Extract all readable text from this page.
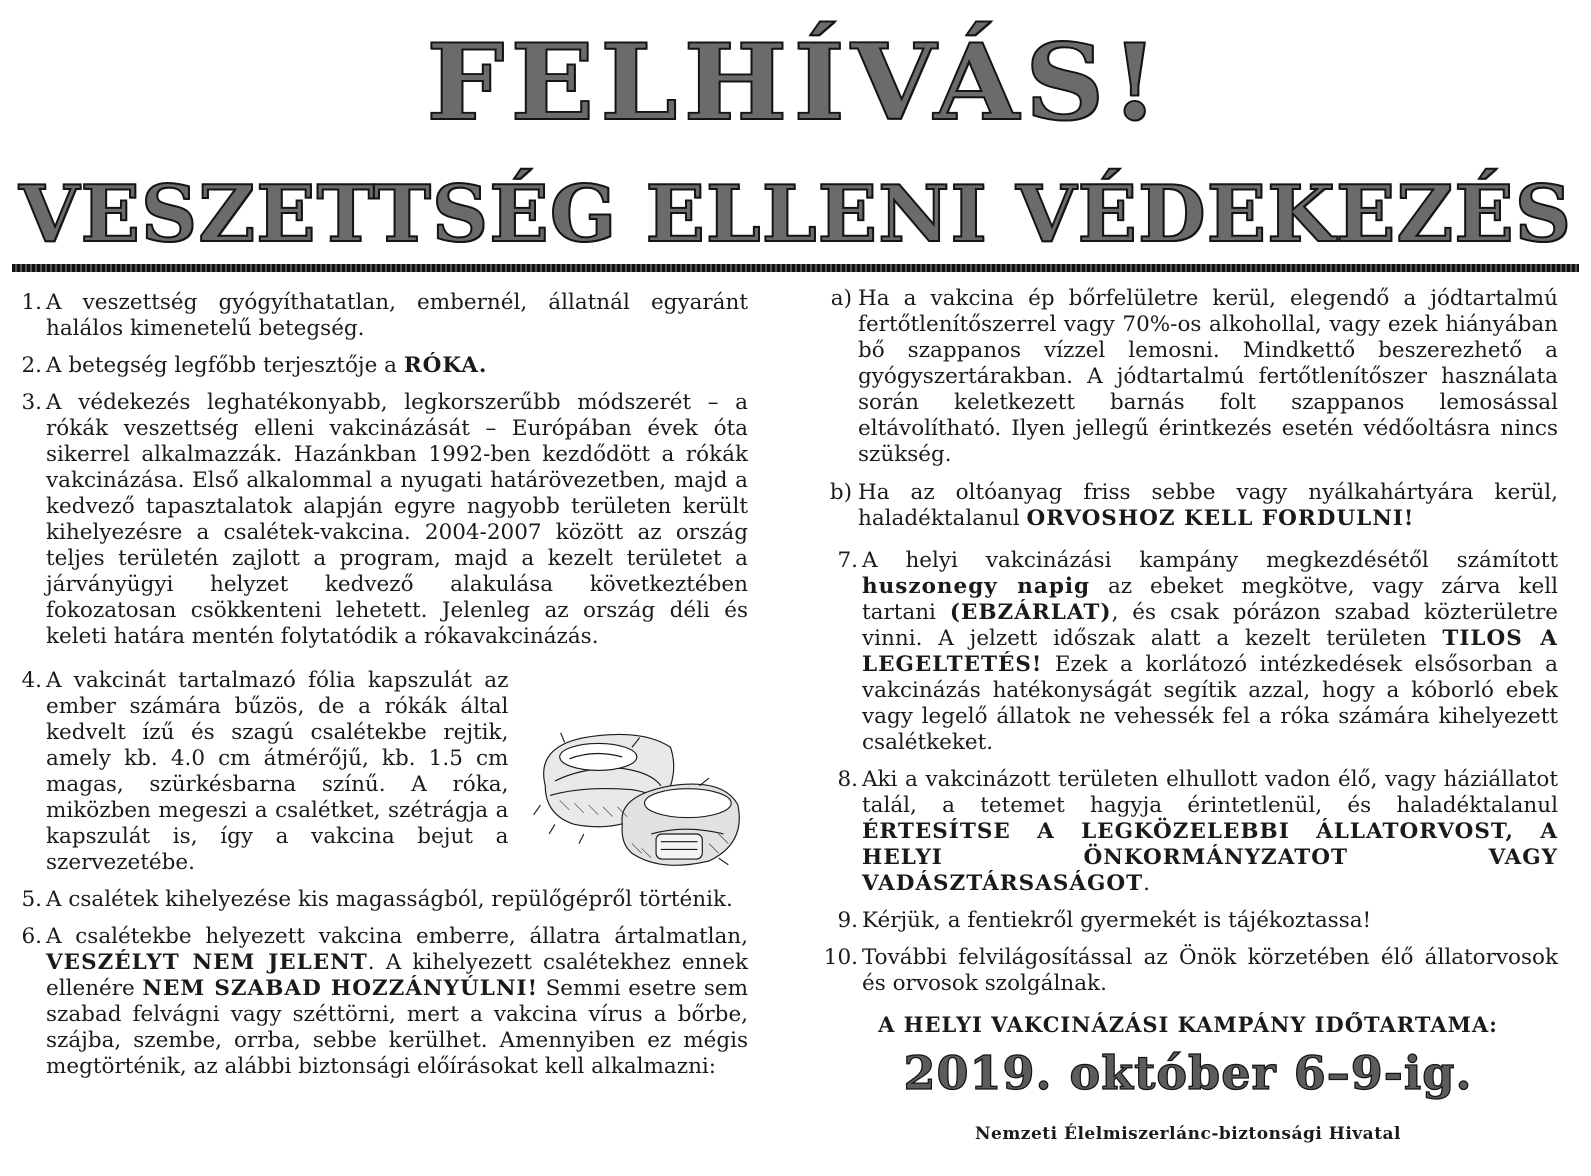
FELHÍVÁS!
VESZETTSÉG ELLENI VÉDEKEZÉS

1. A veszettség gyógyíthatatlan, embernél, állatnál egyaránt halálos kimenetelű betegség.

2. A betegség legfőbb terjesztője a RÓKA.

3. A védekezés leghatékonyabb, legkorszerűbb módszerét – a rókák veszettség elleni vakcinázását – Európában évek óta sikerrel alkalmazzák. Hazánkban 1992-ben kezdődött a rókák vakcinázása. Első alkalommal a nyugati határövezetben, majd a kedvező tapasztalatok alapján egyre nagyobb területen került kihelyezésre a csalétek-vakcina. 2004-2007 között az ország teljes területén zajlott a program, majd a kezelt területet a járványügyi helyzet kedvező alakulása következtében fokozatosan csökkenteni lehetett. Jelenleg az ország déli és keleti határa mentén folytatódik a rókavakcinázás.

4. A vakcinát tartalmazó fólia kapszulát az ember számára bűzös, de a rókák által kedvelt ízű és szagú csalétekbe rejtik, amely kb. 4.0 cm átmérőjű, kb. 1.5 cm magas, szürkésbarna színű. A róka, miközben megeszi a csalétket, szétrágja a kapszulát is, így a vakcina bejut a szervezetébe.

5. A csalétek kihelyezése kis magasságból, repülőgépről történik.

6. A csalétekbe helyezett vakcina emberre, állatra ártalmatlan, VESZÉLYT NEM JELENT. A kihelyezett csalétekhez ennek ellenére NEM SZABAD HOZZÁNYÚLNI! Semmi esetre sem szabad felvágni vagy széttörni, mert a vakcina vírus a bőrbe, szájba, szembe, orrba, sebbe kerülhet. Amennyiben ez mégis megtörténik, az alábbi biztonsági előírásokat kell alkalmazni:

a) Ha a vakcina ép bőrfelületre kerül, elegendő a jódtartalmú fertőtlenítőszerrel vagy 70%-os alkohollal, vagy ezek hiányában bő szappanos vízzel lemosni. Mindkettő beszerezhető a gyógyszertárakban. A jódtartalmú fertőtlenítőszer használata során keletkezett barnás folt szappanos lemosással eltávolítható. Ilyen jellegű érintkezés esetén védőoltásra nincs szükség.

b) Ha az oltóanyag friss sebbe vagy nyálkahártyára kerül, haladéktalanul ORVOSHOZ KELL FORDULNI!

7. A helyi vakcinázási kampány megkezdésétől számított huszonegy napig az ebeket megkötve, vagy zárva kell tartani (EBZÁRLAT), és csak pórázon szabad közterületre vinni. A jelzett időszak alatt a kezelt területen TILOS A LEGELTETÉS! Ezek a korlátozó intézkedések elsősorban a vakcinázás hatékonyságát segítik azzal, hogy a kóborló ebek vagy legelő állatok ne vehessék fel a róka számára kihelyezett csalétkeket.

8. Aki a vakcinázott területen elhullott vadon élő, vagy háziállatot talál, a tetemet hagyja érintetlenül, és haladéktalanul ÉRTESÍTSE A LEGKÖZELEBBI ÁLLATORVOST, A HELYI ÖNKORMÁNYZATOT VAGY VADÁSZTÁRSASÁGOT.

9. Kérjük, a fentiekről gyermekét is tájékoztassa!

10. További felvilágosítással az Önök körzetében élő állatorvosok és orvosok szolgálnak.

A HELYI VAKCINÁZÁSI KAMPÁNY IDŐTARTAMA:
2019. október 6–9-ig.
Nemzeti Élelmiszerlánc-biztonsági Hivatal
